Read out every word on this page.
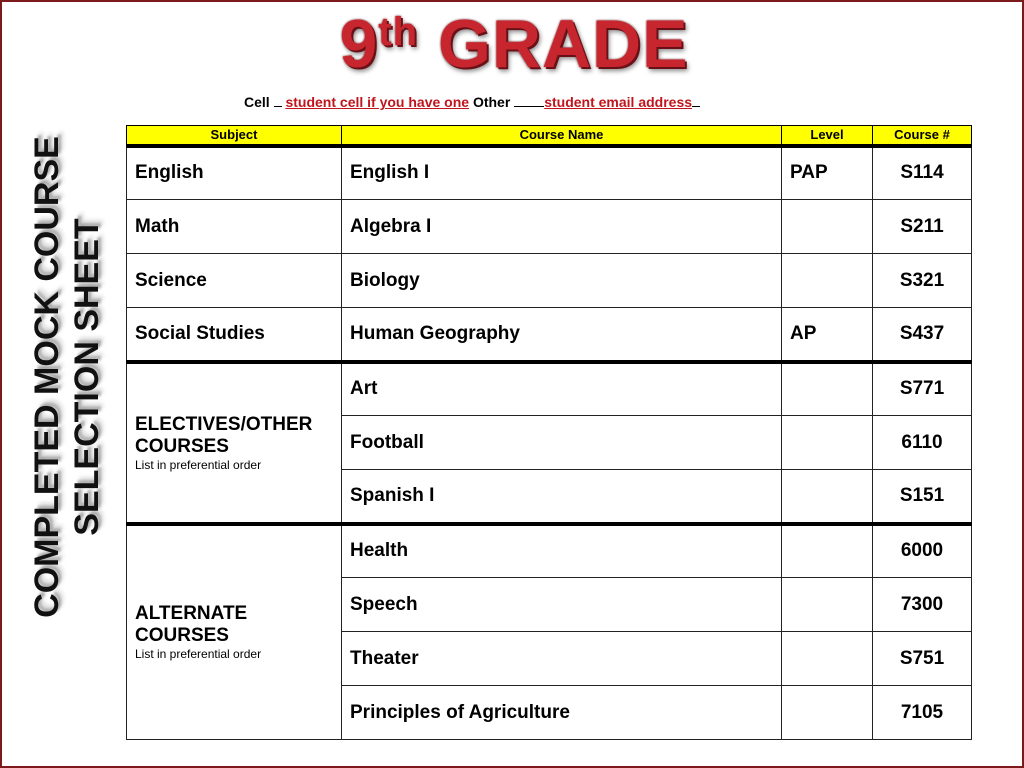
9th GRADE
COMPLETED MOCK COURSE SELECTION SHEET
Cell student cell if you have one Other student email address
Subject	Course Name	Level	Course #
English	English I	PAP	S114
Math	Algebra I		S211
Science	Biology		S321
Social Studies	Human Geography	AP	S437
ELECTIVES/OTHER COURSES
List in preferential order	Art		S771
	Football		6110
	Spanish I		S151
ALTERNATE COURSES
List in preferential order	Health		6000
	Speech		7300
	Theater		S751
	Principles of Agriculture		7105
